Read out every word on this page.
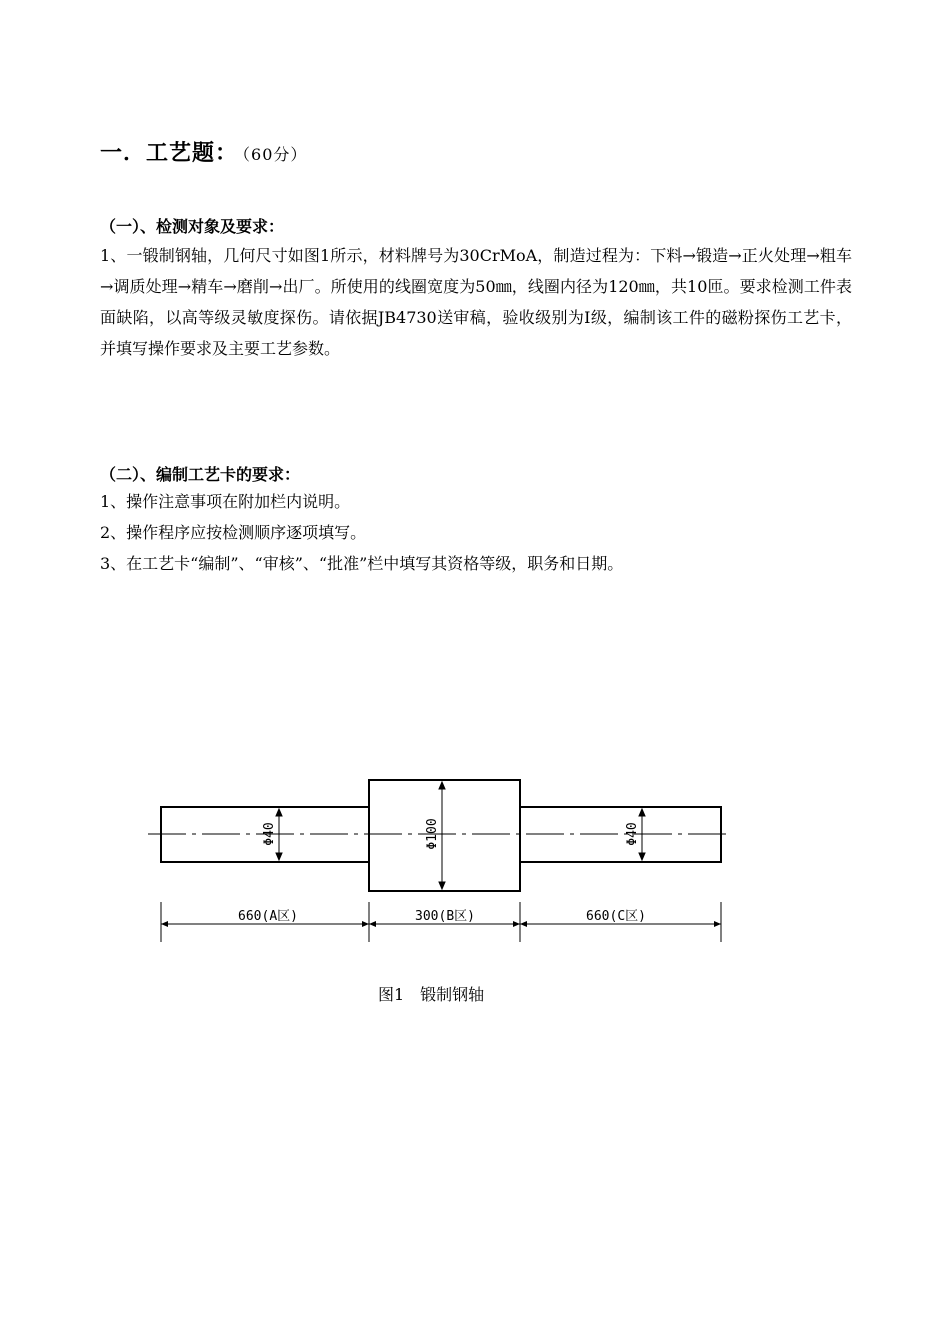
一．工艺题： （60分）
（一）、检测对象及要求：
1、一锻制钢轴，几何尺寸如图1所示，材料牌号为30CrMoA，制造过程为：下料→锻造→正火处理→粗车→调质处理→精车→磨削→出厂。所使用的线圈宽度为50㎜，线圈内径为120㎜，共10匝。要求检测工件表面缺陷，以高等级灵敏度探伤。请依据JB4730送审稿，验收级别为I级，编制该工件的磁粉探伤工艺卡，并填写操作要求及主要工艺参数。
（二）、编制工艺卡的要求：
1、操作注意事项在附加栏内说明。
2、操作程序应按检测顺序逐项填写。
3、在工艺卡“编制”、“审核”、“批准”栏中填写其资格等级，职务和日期。
Φ40	Φ100	Φ40
660(A区)	300(B区)	660(C区)
图1　锻制钢轴
